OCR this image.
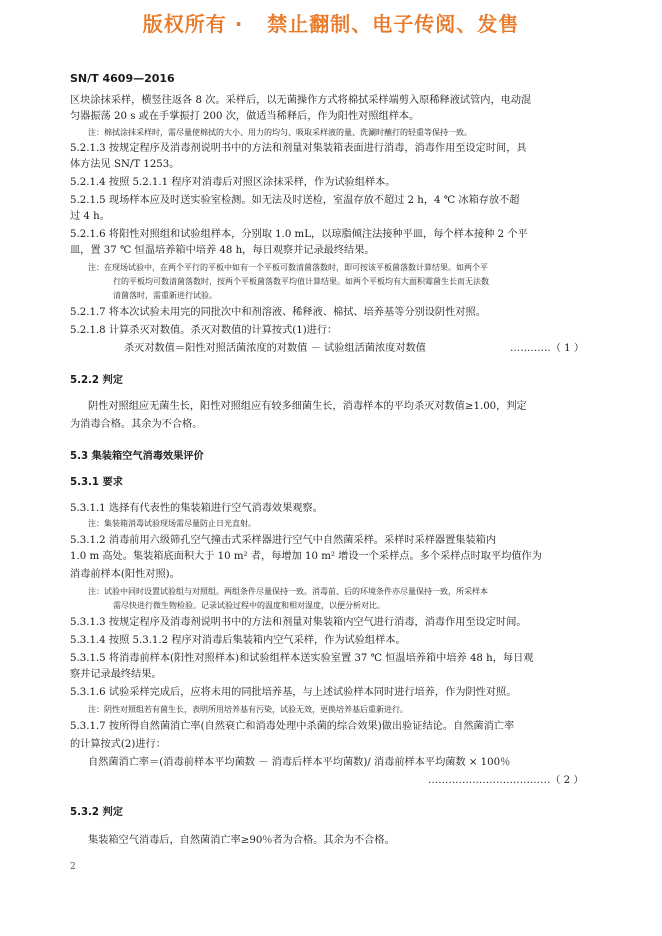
版权所有 ·   禁止翻制、电子传阅、发售
SN/T 4609—2016
区块涂抹采样，横竖往返各 8 次。采样后，以无菌操作方式将棉拭采样端剪入原稀释液试管内，电动混
匀器振荡 20 s 或在手掌振打 200 次，做适当稀释后，作为阳性对照组样本。
注：棉拭涂抹采样时，需尽量使棉拭的大小、用力的均匀、吸取采样液的量、洗涮时蘸打的轻重等保持一致。
5.2.1.3 按规定程序及消毒剂说明书中的方法和剂量对集装箱表面进行消毒，消毒作用至设定时间，具
体方法见 SN/T 1253。
5.2.1.4 按照 5.2.1.1 程序对消毒后对照区涂抹采样，作为试验组样本。
5.2.1.5 现场样本应及时送实验室检测。如无法及时送检，室温存放不超过 2 h，4 ℃ 冰箱存放不超
过 4 h。
5.2.1.6 将阳性对照组和试验组样本，分别取 1.0 mL，以琼脂倾注法接种平皿，每个样本接种 2 个平
皿，置 37 ℃ 恒温培养箱中培养 48 h，每日观察并记录最终结果。
注：在现场试验中，在两个平行的平板中如有一个平板可数清菌落数时，即可按该平板菌落数计算结果。如两个平
行的平板均可数清菌落数时，按两个平板菌落数平均值计算结果。如两个平板均有大面积霉菌生长而无法数
清菌落时，需重新进行试验。
5.2.1.7 将本次试验未用完的同批次中和剂溶液、稀释液、棉拭、培养基等分别设阴性对照。
5.2.1.8 计算杀灭对数值。杀灭对数值的计算按式(1)进行：
杀灭对数值＝阳性对照活菌浓度的对数值 － 试验组活菌浓度对数值	…………（ 1 ）
5.2.2 判定
阴性对照组应无菌生长，阳性对照组应有较多细菌生长，消毒样本的平均杀灭对数值≥1.00，判定
为消毒合格。其余为不合格。
5.3 集装箱空气消毒效果评价
5.3.1 要求
5.3.1.1 选择有代表性的集装箱进行空气消毒效果观察。
注：集装箱消毒试验现场需尽量防止日光直射。
5.3.1.2 消毒前用六级筛孔空气撞击式采样器进行空气中自然菌采样。采样时采样器置集装箱内
1.0 m 高处。集装箱底面积大于 10 m² 者，每增加 10 m² 增设一个采样点。多个采样点时取平均值作为
消毒前样本(阳性对照)。
注：试验中同时设置试验组与对照组。两组条件尽量保持一致。消毒前、后的环境条件亦尽量保持一致，所采样本
需尽快进行微生物检验。记录试验过程中的温度和相对湿度，以便分析对比。
5.3.1.3 按规定程序及消毒剂说明书中的方法和剂量对集装箱内空气进行消毒，消毒作用至设定时间。
5.3.1.4 按照 5.3.1.2 程序对消毒后集装箱内空气采样，作为试验组样本。
5.3.1.5 将消毒前样本(阳性对照样本)和试验组样本送实验室置 37 ℃ 恒温培养箱中培养 48 h，每日观
察并记录最终结果。
5.3.1.6 试验采样完成后，应将未用的同批培养基，与上述试验样本同时进行培养，作为阴性对照。
注：阴性对照组若有菌生长，表明所用培养基有污染，试验无效，更换培养基后重新进行。
5.3.1.7 按所得自然菌消亡率(自然衰亡和消毒处理中杀菌的综合效果)做出验证结论。自然菌消亡率
的计算按式(2)进行：
自然菌消亡率＝(消毒前样本平均菌数 － 消毒后样本平均菌数)/ 消毒前样本平均菌数 × 100％
………………………………（ 2 ）
5.3.2 判定
集装箱空气消毒后，自然菌消亡率≥90％者为合格。其余为不合格。
2
